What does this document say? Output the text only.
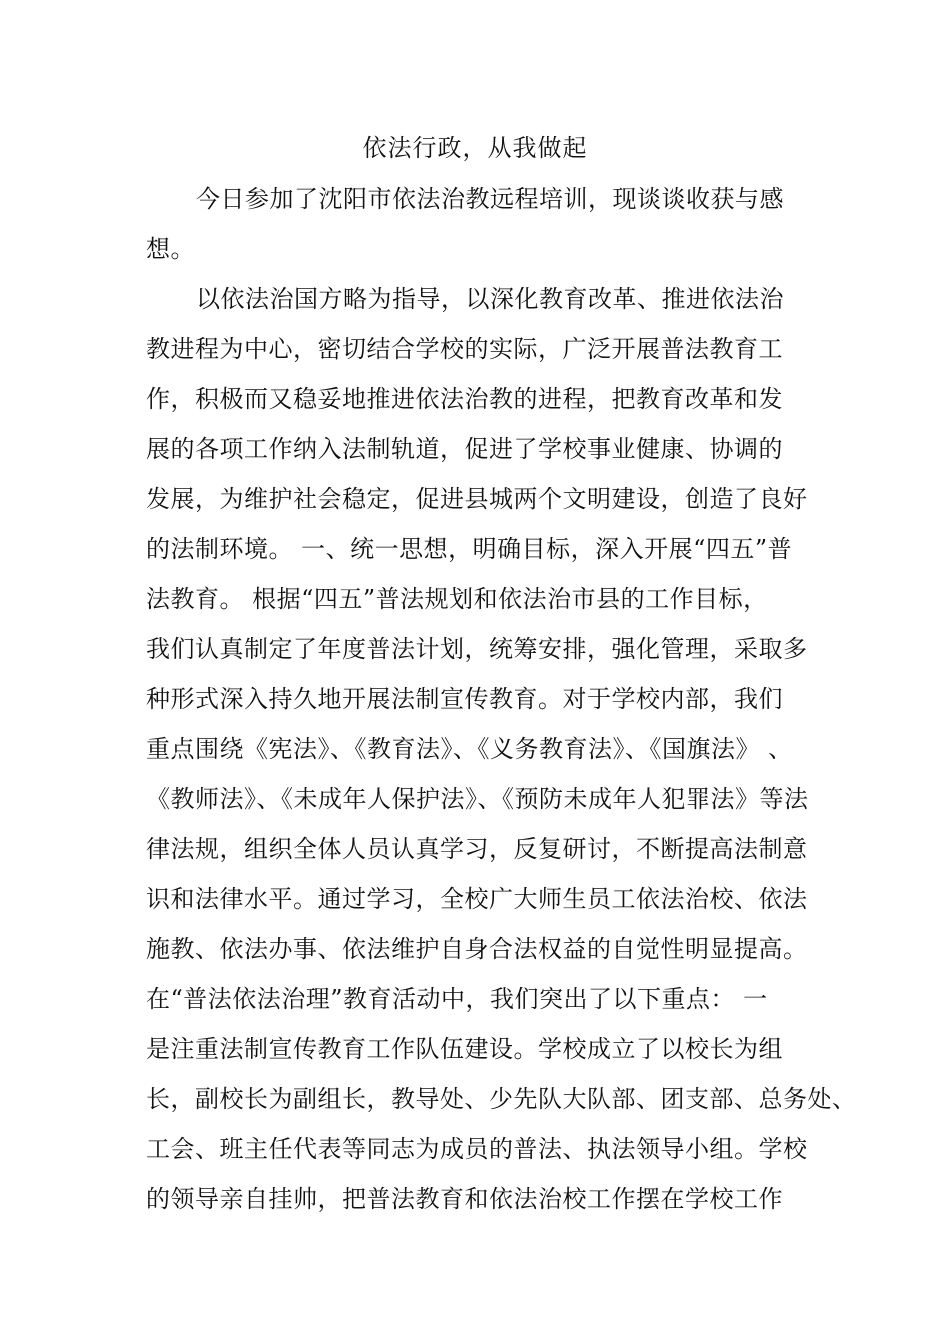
依法行政，从我做起
今日参加了沈阳市依法治教远程培训，现谈谈收获与感
想。
以依法治国方略为指导，以深化教育改革、推进依法治
教进程为中心，密切结合学校的实际，广泛开展普法教育工
作，积极而又稳妥地推进依法治教的进程，把教育改革和发
展的各项工作纳入法制轨道，促进了学校事业健康、协调的
发展，为维护社会稳定，促进县城两个文明建设，创造了良好
的法制环境。 一、统一思想，明确目标，深入开展“四五”普
法教育。 根据“四五”普法规划和依法治市县的工作目标，
我们认真制定了年度普法计划，统筹安排，强化管理，采取多
种形式深入持久地开展法制宣传教育。对于学校内部，我们
重点围绕《宪法》、《教育法》、《义务教育法》、《国旗法》 、
《教师法》、《未成年人保护法》、《预防未成年人犯罪法》等法
律法规，组织全体人员认真学习，反复研讨，不断提高法制意
识和法律水平。通过学习，全校广大师生员工依法治校、依法
施教、依法办事、依法维护自身合法权益的自觉性明显提高。
在“普法依法治理”教育活动中，我们突出了以下重点： 一
是注重法制宣传教育工作队伍建设。学校成立了以校长为组
长，副校长为副组长，教导处、少先队大队部、团支部、总务处、
工会、班主任代表等同志为成员的普法、执法领导小组。学校
的领导亲自挂帅，把普法教育和依法治校工作摆在学校工作
